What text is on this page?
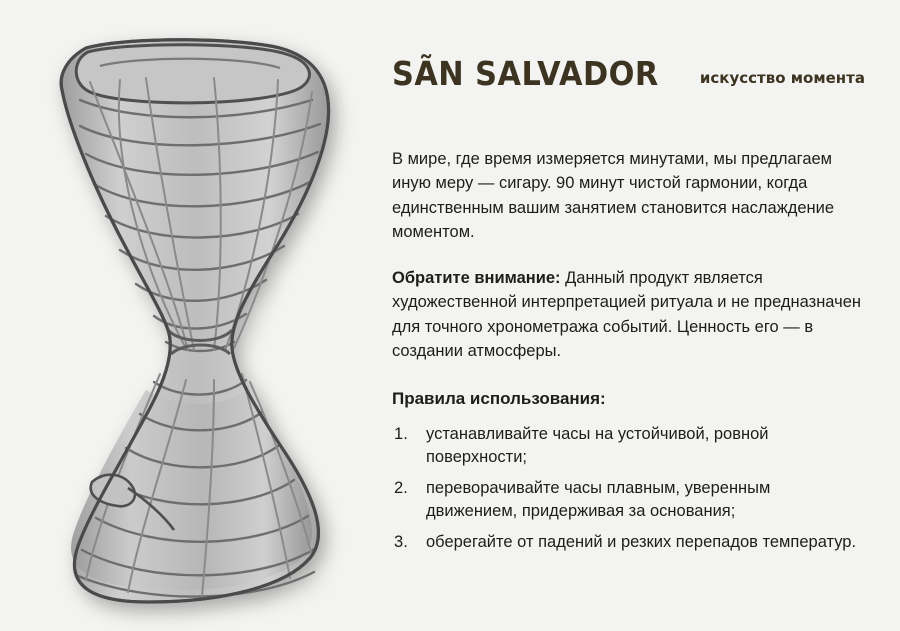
SÃN SALVADOR	искусство момента

В мире, где время измеряется минутами, мы предлагаем иную меру — сигару. 90 минут чистой гармонии, когда единственным вашим занятием становится наслаждение моментом.

Обратите внимание: Данный продукт является художественной интерпретацией ритуала и не предназначен для точного хронометража событий. Ценность его — в создании атмосферы.

Правила использования:
устанавливайте часы на устойчивой, ровной поверхности;
переворачивайте часы плавным, уверенным движением, придерживая за основания;
оберегайте от падений и резких перепадов температур.
